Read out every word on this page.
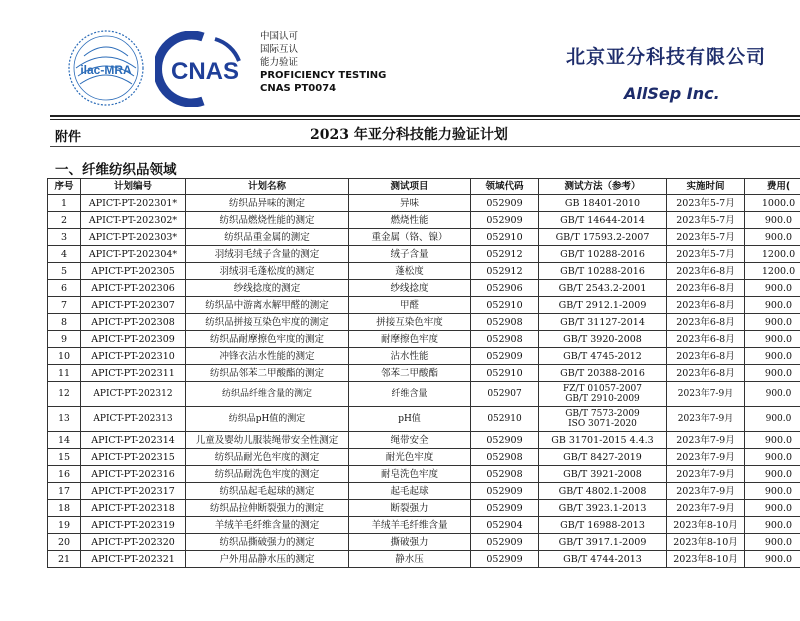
ilac-MRA CNAS
中国认可
国际互认
能力验证
PROFICIENCY TESTING
CNAS PT0074
北京亚分科技有限公司
AllSep Inc.
附件	2023 年亚分科技能力验证计划
一、纤维纺织品领域
序号	计划编号	计划名称	测试项目	领域代码	测试方法（参考）	实施时间	费用(
1	APICT-PT-202301*	纺织品异味的测定	异味	052909	GB 18401-2010	2023年5-7月	1000.0
2	APICT-PT-202302*	纺织品燃烧性能的测定	燃烧性能	052909	GB/T 14644-2014	2023年5-7月	900.0
3	APICT-PT-202303*	纺织品重金属的测定	重金属（铬、镍）	052910	GB/T 17593.2-2007	2023年5-7月	900.0
4	APICT-PT-202304*	羽绒羽毛绒子含量的测定	绒子含量	052912	GB/T 10288-2016	2023年5-7月	1200.0
5	APICT-PT-202305	羽绒羽毛蓬松度的测定	蓬松度	052912	GB/T 10288-2016	2023年6-8月	1200.0
6	APICT-PT-202306	纱线捻度的测定	纱线捻度	052906	GB/T 2543.2-2001	2023年6-8月	900.0
7	APICT-PT-202307	纺织品中游离水解甲醛的测定	甲醛	052910	GB/T 2912.1-2009	2023年6-8月	900.0
8	APICT-PT-202308	纺织品拼接互染色牢度的测定	拼接互染色牢度	052908	GB/T 31127-2014	2023年6-8月	900.0
9	APICT-PT-202309	纺织品耐摩擦色牢度的测定	耐摩擦色牢度	052908	GB/T 3920-2008	2023年6-8月	900.0
10	APICT-PT-202310	冲锋衣沾水性能的测定	沾水性能	052909	GB/T 4745-2012	2023年6-8月	900.0
11	APICT-PT-202311	纺织品邻苯二甲酸酯的测定	邻苯二甲酸酯	052910	GB/T 20388-2016	2023年6-8月	900.0
12	APICT-PT-202312	纺织品纤维含量的测定	纤维含量	052907	FZ/T 01057-2007
GB/T 2910-2009	2023年7-9月	900.0
13	APICT-PT-202313	纺织品pH值的测定	pH值	052910	GB/T 7573-2009
ISO 3071-2020	2023年7-9月	900.0
14	APICT-PT-202314	儿童及婴幼儿服装绳带安全性测定	绳带安全	052909	GB 31701-2015 4.4.3	2023年7-9月	900.0
15	APICT-PT-202315	纺织品耐光色牢度的测定	耐光色牢度	052908	GB/T 8427-2019	2023年7-9月	900.0
16	APICT-PT-202316	纺织品耐洗色牢度的测定	耐皂洗色牢度	052908	GB/T 3921-2008	2023年7-9月	900.0
17	APICT-PT-202317	纺织品起毛起球的测定	起毛起球	052909	GB/T 4802.1-2008	2023年7-9月	900.0
18	APICT-PT-202318	纺织品拉伸断裂强力的测定	断裂强力	052909	GB/T 3923.1-2013	2023年7-9月	900.0
19	APICT-PT-202319	羊绒羊毛纤维含量的测定	羊绒羊毛纤维含量	052904	GB/T 16988-2013	2023年8-10月	900.0
20	APICT-PT-202320	纺织品撕破强力的测定	撕破强力	052909	GB/T 3917.1-2009	2023年8-10月	900.0
21	APICT-PT-202321	户外用品静水压的测定	静水压	052909	GB/T 4744-2013	2023年8-10月	900.0
